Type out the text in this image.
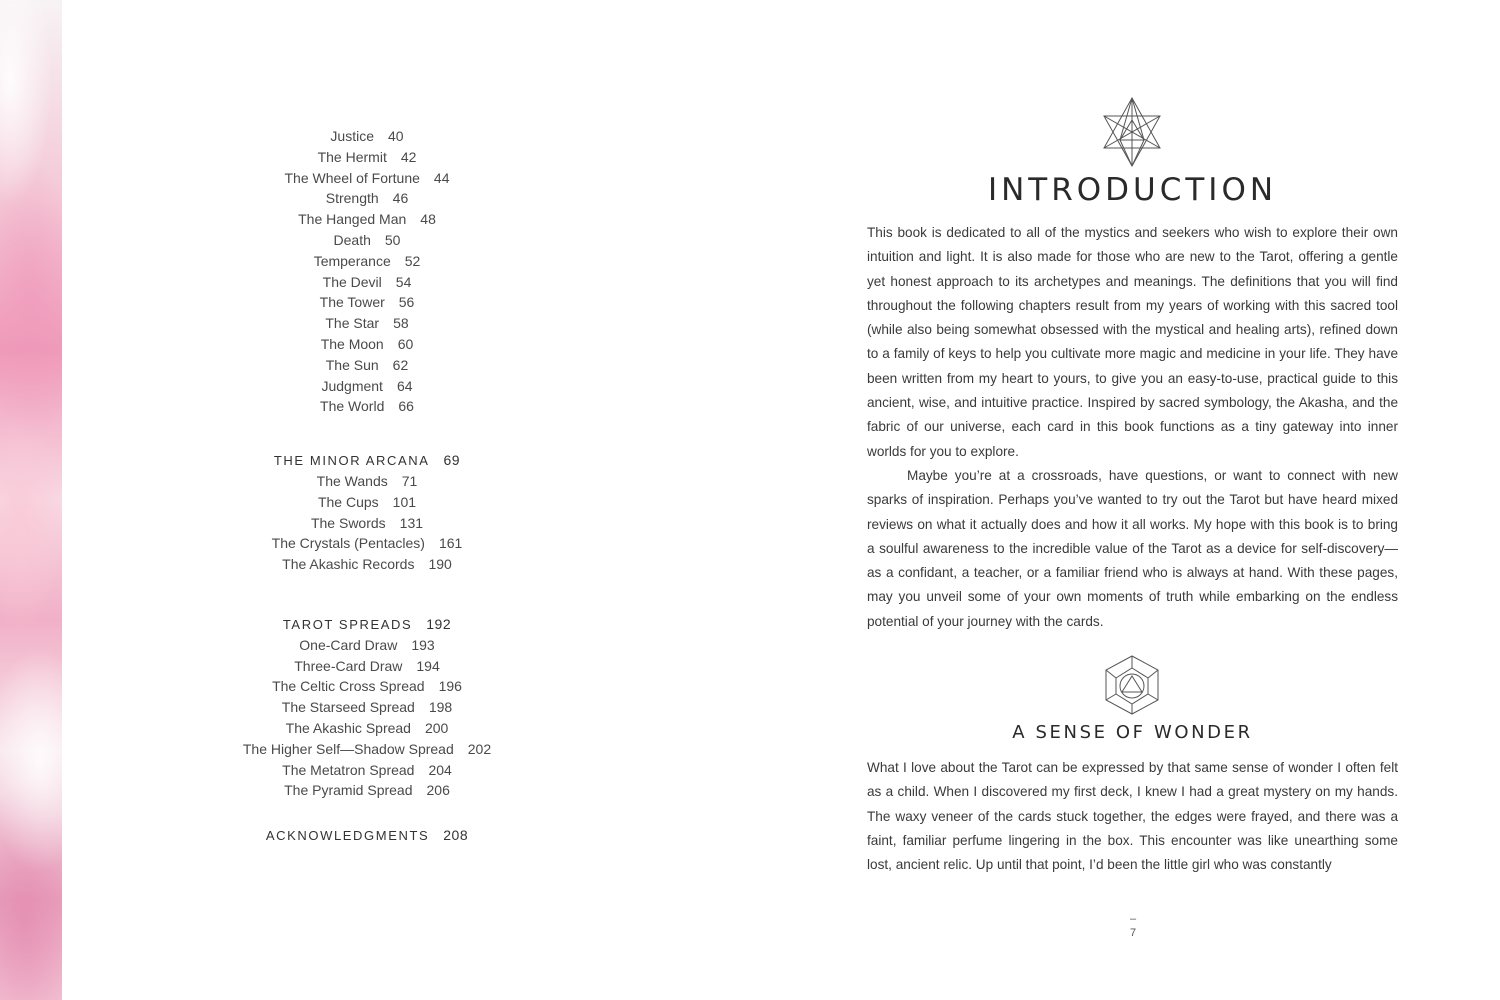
Justice 40
The Hermit 42
The Wheel of Fortune 44
Strength 46
The Hanged Man 48
Death 50
Temperance 52
The Devil 54
The Tower 56
The Star 58
The Moon 60
The Sun 62
Judgment 64
The World 66
THE MINOR ARCANA 69
The Wands 71
The Cups 101
The Swords 131
The Crystals (Pentacles) 161
The Akashic Records 190
TAROT SPREADS 192
One-Card Draw 193
Three-Card Draw 194
The Celtic Cross Spread 196
The Starseed Spread 198
The Akashic Spread 200
The Higher Self—Shadow Spread 202
The Metatron Spread 204
The Pyramid Spread 206
ACKNOWLEDGMENTS 208
INTRODUCTION

This book is dedicated to all of the mystics and seekers who wish to explore their own intuition and light. It is also made for those who are new to the Tarot, offering a gentle yet honest approach to its archetypes and meanings. The definitions that you will find throughout the following chapters result from my years of working with this sacred tool (while also being somewhat obsessed with the mystical and healing arts), refined down to a family of keys to help you cultivate more magic and medicine in your life. They have been written from my heart to yours, to give you an easy-to-use, practical guide to this ancient, wise, and intuitive practice. Inspired by sacred symbology, the Akasha, and the fabric of our universe, each card in this book functions as a tiny gateway into inner worlds for you to explore.

Maybe you’re at a crossroads, have questions, or want to connect with new sparks of inspiration. Perhaps you’ve wanted to try out the Tarot but have heard mixed reviews on what it actually does and how it all works. My hope with this book is to bring a soulful awareness to the incredible value of the Tarot as a device for self-discovery—as a confidant, a teacher, or a familiar friend who is always at hand. With these pages, may you unveil some of your own moments of truth while embarking on the endless potential of your journey with the cards.

A SENSE OF WONDER

What I love about the Tarot can be expressed by that same sense of wonder I often felt as a child. When I discovered my first deck, I knew I had a great mystery on my hands. The waxy veneer of the cards stuck together, the edges were frayed, and there was a faint, familiar perfume lingering in the box. This encounter was like unearthing some lost, ancient relic. Up until that point, I’d been the little girl who was constantly

–
7
